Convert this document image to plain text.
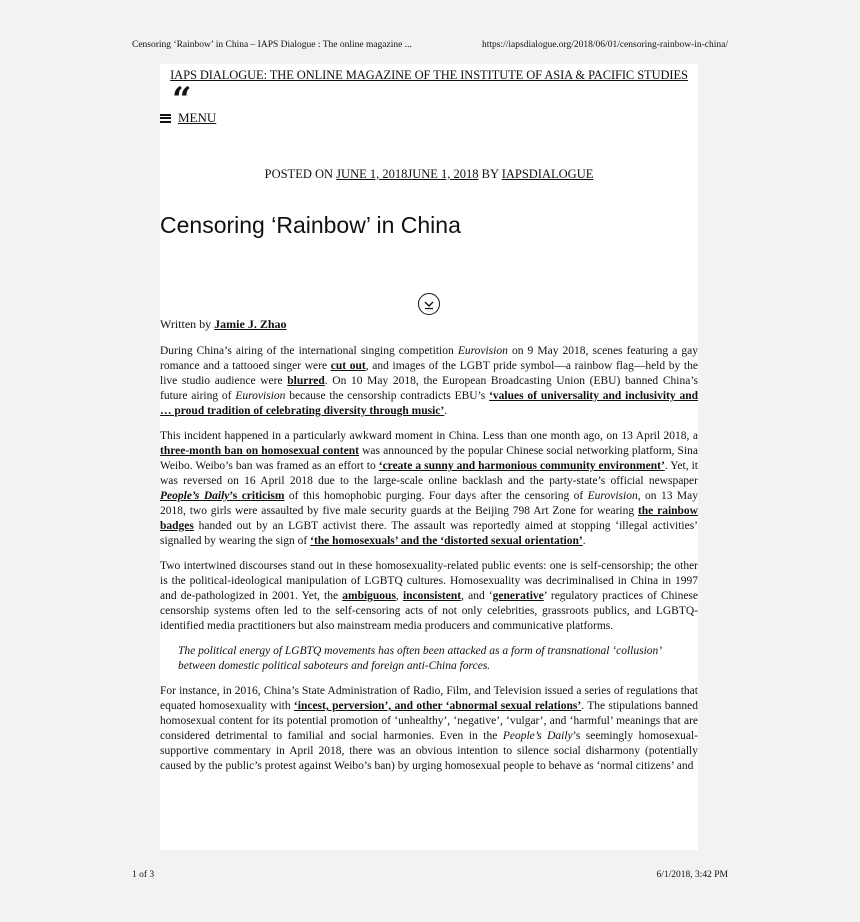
Censoring ‘Rainbow’ in China – IAPS Dialogue : The online magazine ...	https://iapsdialogue.org/2018/06/01/censoring-rainbow-in-china/
IAPS DIALOGUE: THE ONLINE MAGAZINE OF THE INSTITUTE OF ASIA & PACIFIC STUDIES
“
MENU
POSTED ON JUNE 1, 2018JUNE 1, 2018 BY IAPSDIALOGUE
Censoring ‘Rainbow’ in China
Written by Jamie J. Zhao

During China’s airing of the international singing competition Eurovision on 9 May 2018, scenes featuring a gay romance and a tattooed singer were cut out, and images of the LGBT pride symbol—a rainbow flag—held by the live studio audience were blurred. On 10 May 2018, the European Broadcasting Union (EBU) banned China’s future airing of Eurovision because the censorship contradicts EBU’s ‘values of universality and inclusivity and … proud tradition of celebrating diversity through music’.

This incident happened in a particularly awkward moment in China. Less than one month ago, on 13 April 2018, a three-month ban on homosexual content was announced by the popular Chinese social networking platform, Sina Weibo. Weibo’s ban was framed as an effort to ‘create a sunny and harmonious community environment’. Yet, it was reversed on 16 April 2018 due to the large-scale online backlash and the party-state’s official newspaper People’s Daily’s criticism of this homophobic purging. Four days after the censoring of Eurovision, on 13 May 2018, two girls were assaulted by five male security guards at the Beijing 798 Art Zone for wearing the rainbow badges handed out by an LGBT activist there. The assault was reportedly aimed at stopping ‘illegal activities’ signalled by wearing the sign of ‘the homosexuals’ and the ‘distorted sexual orientation’.

Two intertwined discourses stand out in these homosexuality-related public events: one is self-censorship; the other is the political-ideological manipulation of LGBTQ cultures. Homosexuality was decriminalised in China in 1997 and de-pathologized in 2001. Yet, the ambiguous, inconsistent, and ‘generative’ regulatory practices of Chinese censorship systems often led to the self-censoring acts of not only celebrities, grassroots publics, and LGBTQ-identified media practitioners but also mainstream media producers and communicative platforms.

The political energy of LGBTQ movements has often been attacked as a form of transnational ‘collusion’ between domestic political saboteurs and foreign anti-China forces.

For instance, in 2016, China’s State Administration of Radio, Film, and Television issued a series of regulations that equated homosexuality with ‘incest, perversion’, and other ‘abnormal sexual relations’. The stipulations banned homosexual content for its potential promotion of ‘unhealthy’, ‘negative’, ‘vulgar’, and ‘harmful’ meanings that are considered detrimental to familial and social harmonies. Even in the People’s Daily’s seemingly homosexual-supportive commentary in April 2018, there was an obvious intention to silence social disharmony (potentially caused by the public’s protest against Weibo’s ban) by urging homosexual people to behave as ‘normal citizens’ and

1 of 3	6/1/2018, 3:42 PM
